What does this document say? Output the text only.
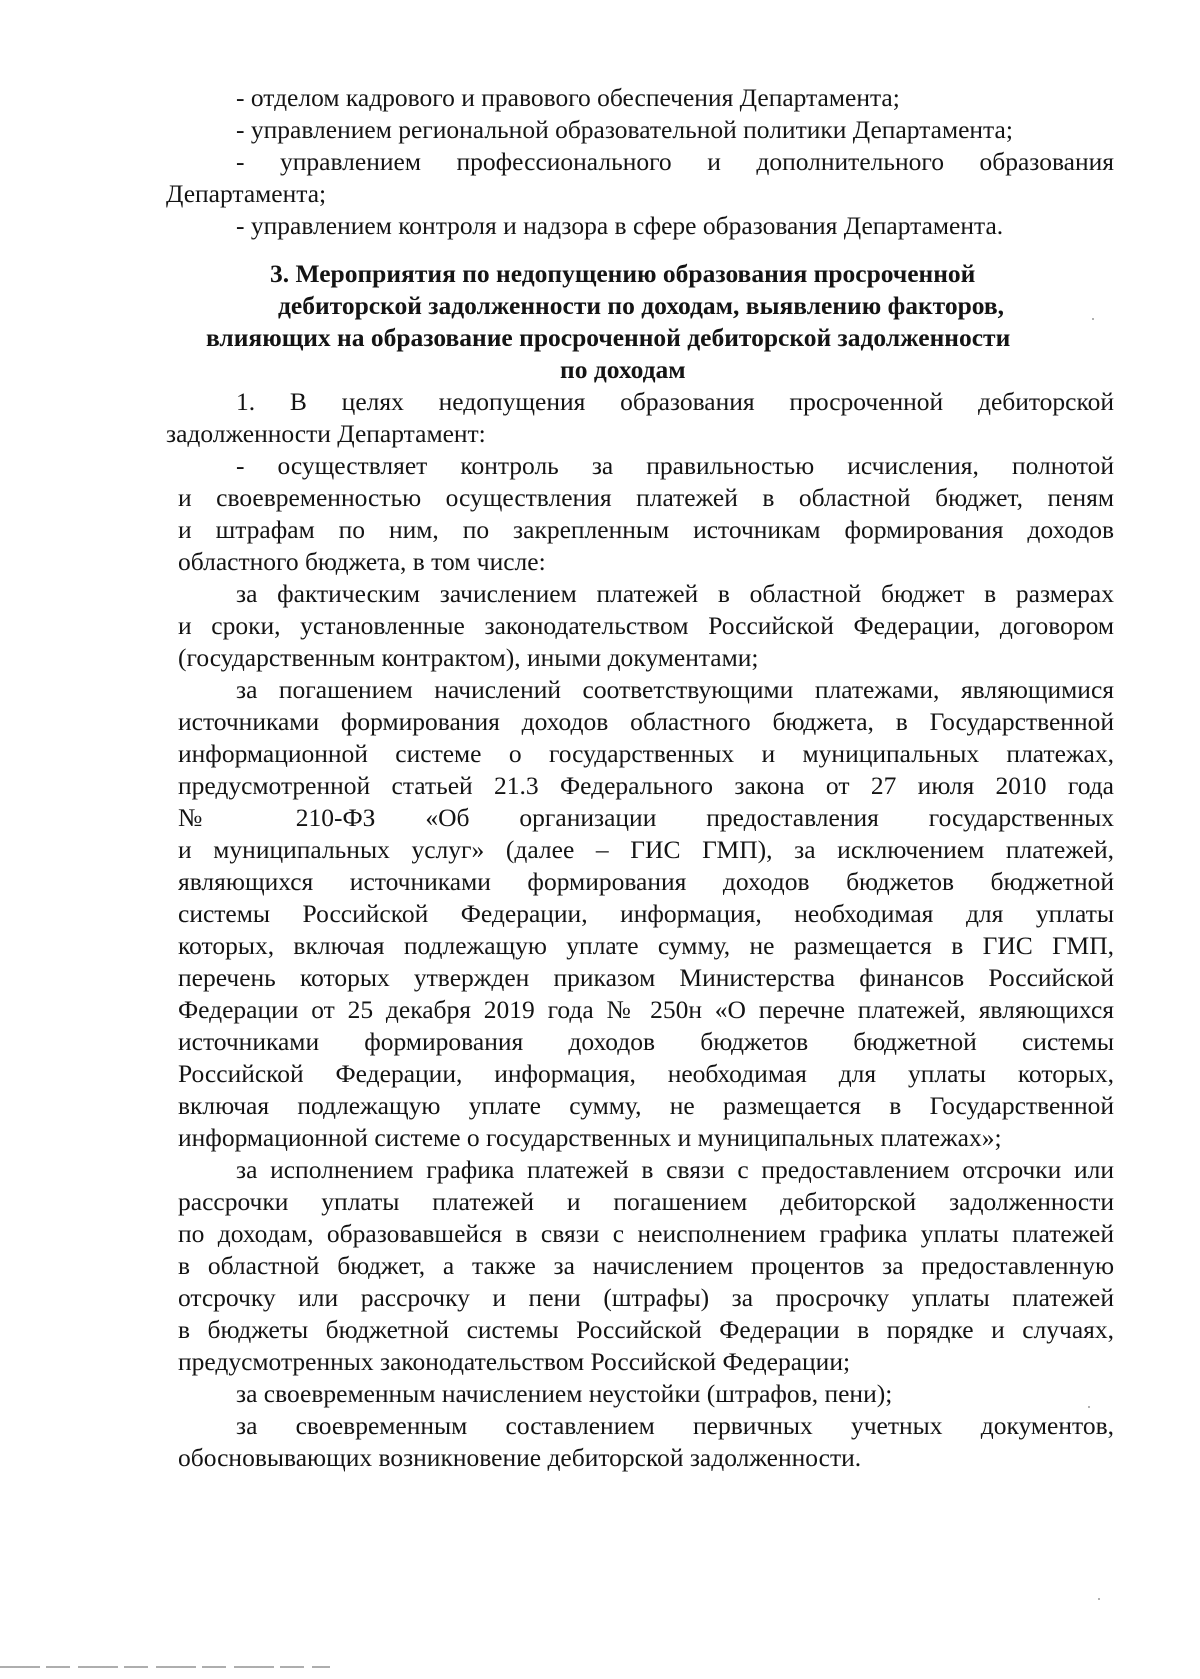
- отделом кадрового и правового обеспечения Департамента;
- управлением региональной образовательной политики Департамента;
- управлением профессионального и дополнительного образования
Департамента;
- управлением контроля и надзора в сфере образования Департамента.
3. Мероприятия по недопущению образования просроченной
дебиторской задолженности по доходам, выявлению факторов,
влияющих на образование просроченной дебиторской задолженности
по доходам
1. В целях недопущения образования просроченной дебиторской
задолженности Департамент:
- осуществляет контроль за правильностью исчисления, полнотой
и своевременностью осуществления платежей в областной бюджет, пеням
и штрафам по ним, по закрепленным источникам формирования доходов
областного бюджета, в том числе:
за фактическим зачислением платежей в областной бюджет в размерах
и сроки, установленные законодательством Российской Федерации, договором
(государственным контрактом), иными документами;
за погашением начислений соответствующими платежами, являющимися
источниками формирования доходов областного бюджета, в Государственной
информационной системе о государственных и муниципальных платежах,
предусмотренной статьей 21.3 Федерального закона от 27 июля 2010 года
№ 210-ФЗ «Об организации предоставления государственных
и муниципальных услуг» (далее – ГИС ГМП), за исключением платежей,
являющихся источниками формирования доходов бюджетов бюджетной
системы Российской Федерации, информация, необходимая для уплаты
которых, включая подлежащую уплате сумму, не размещается в ГИС ГМП,
перечень которых утвержден приказом Министерства финансов Российской
Федерации от 25 декабря 2019 года № 250н «О перечне платежей, являющихся
источниками формирования доходов бюджетов бюджетной системы
Российской Федерации, информация, необходимая для уплаты которых,
включая подлежащую уплате сумму, не размещается в Государственной
информационной системе о государственных и муниципальных платежах»;
за исполнением графика платежей в связи с предоставлением отсрочки или
рассрочки уплаты платежей и погашением дебиторской задолженности
по доходам, образовавшейся в связи с неисполнением графика уплаты платежей
в областной бюджет, а также за начислением процентов за предоставленную
отсрочку или рассрочку и пени (штрафы) за просрочку уплаты платежей
в бюджеты бюджетной системы Российской Федерации в порядке и случаях,
предусмотренных законодательством Российской Федерации;
за своевременным начислением неустойки (штрафов, пени);
за своевременным составлением первичных учетных документов,
обосновывающих возникновение дебиторской задолженности.
